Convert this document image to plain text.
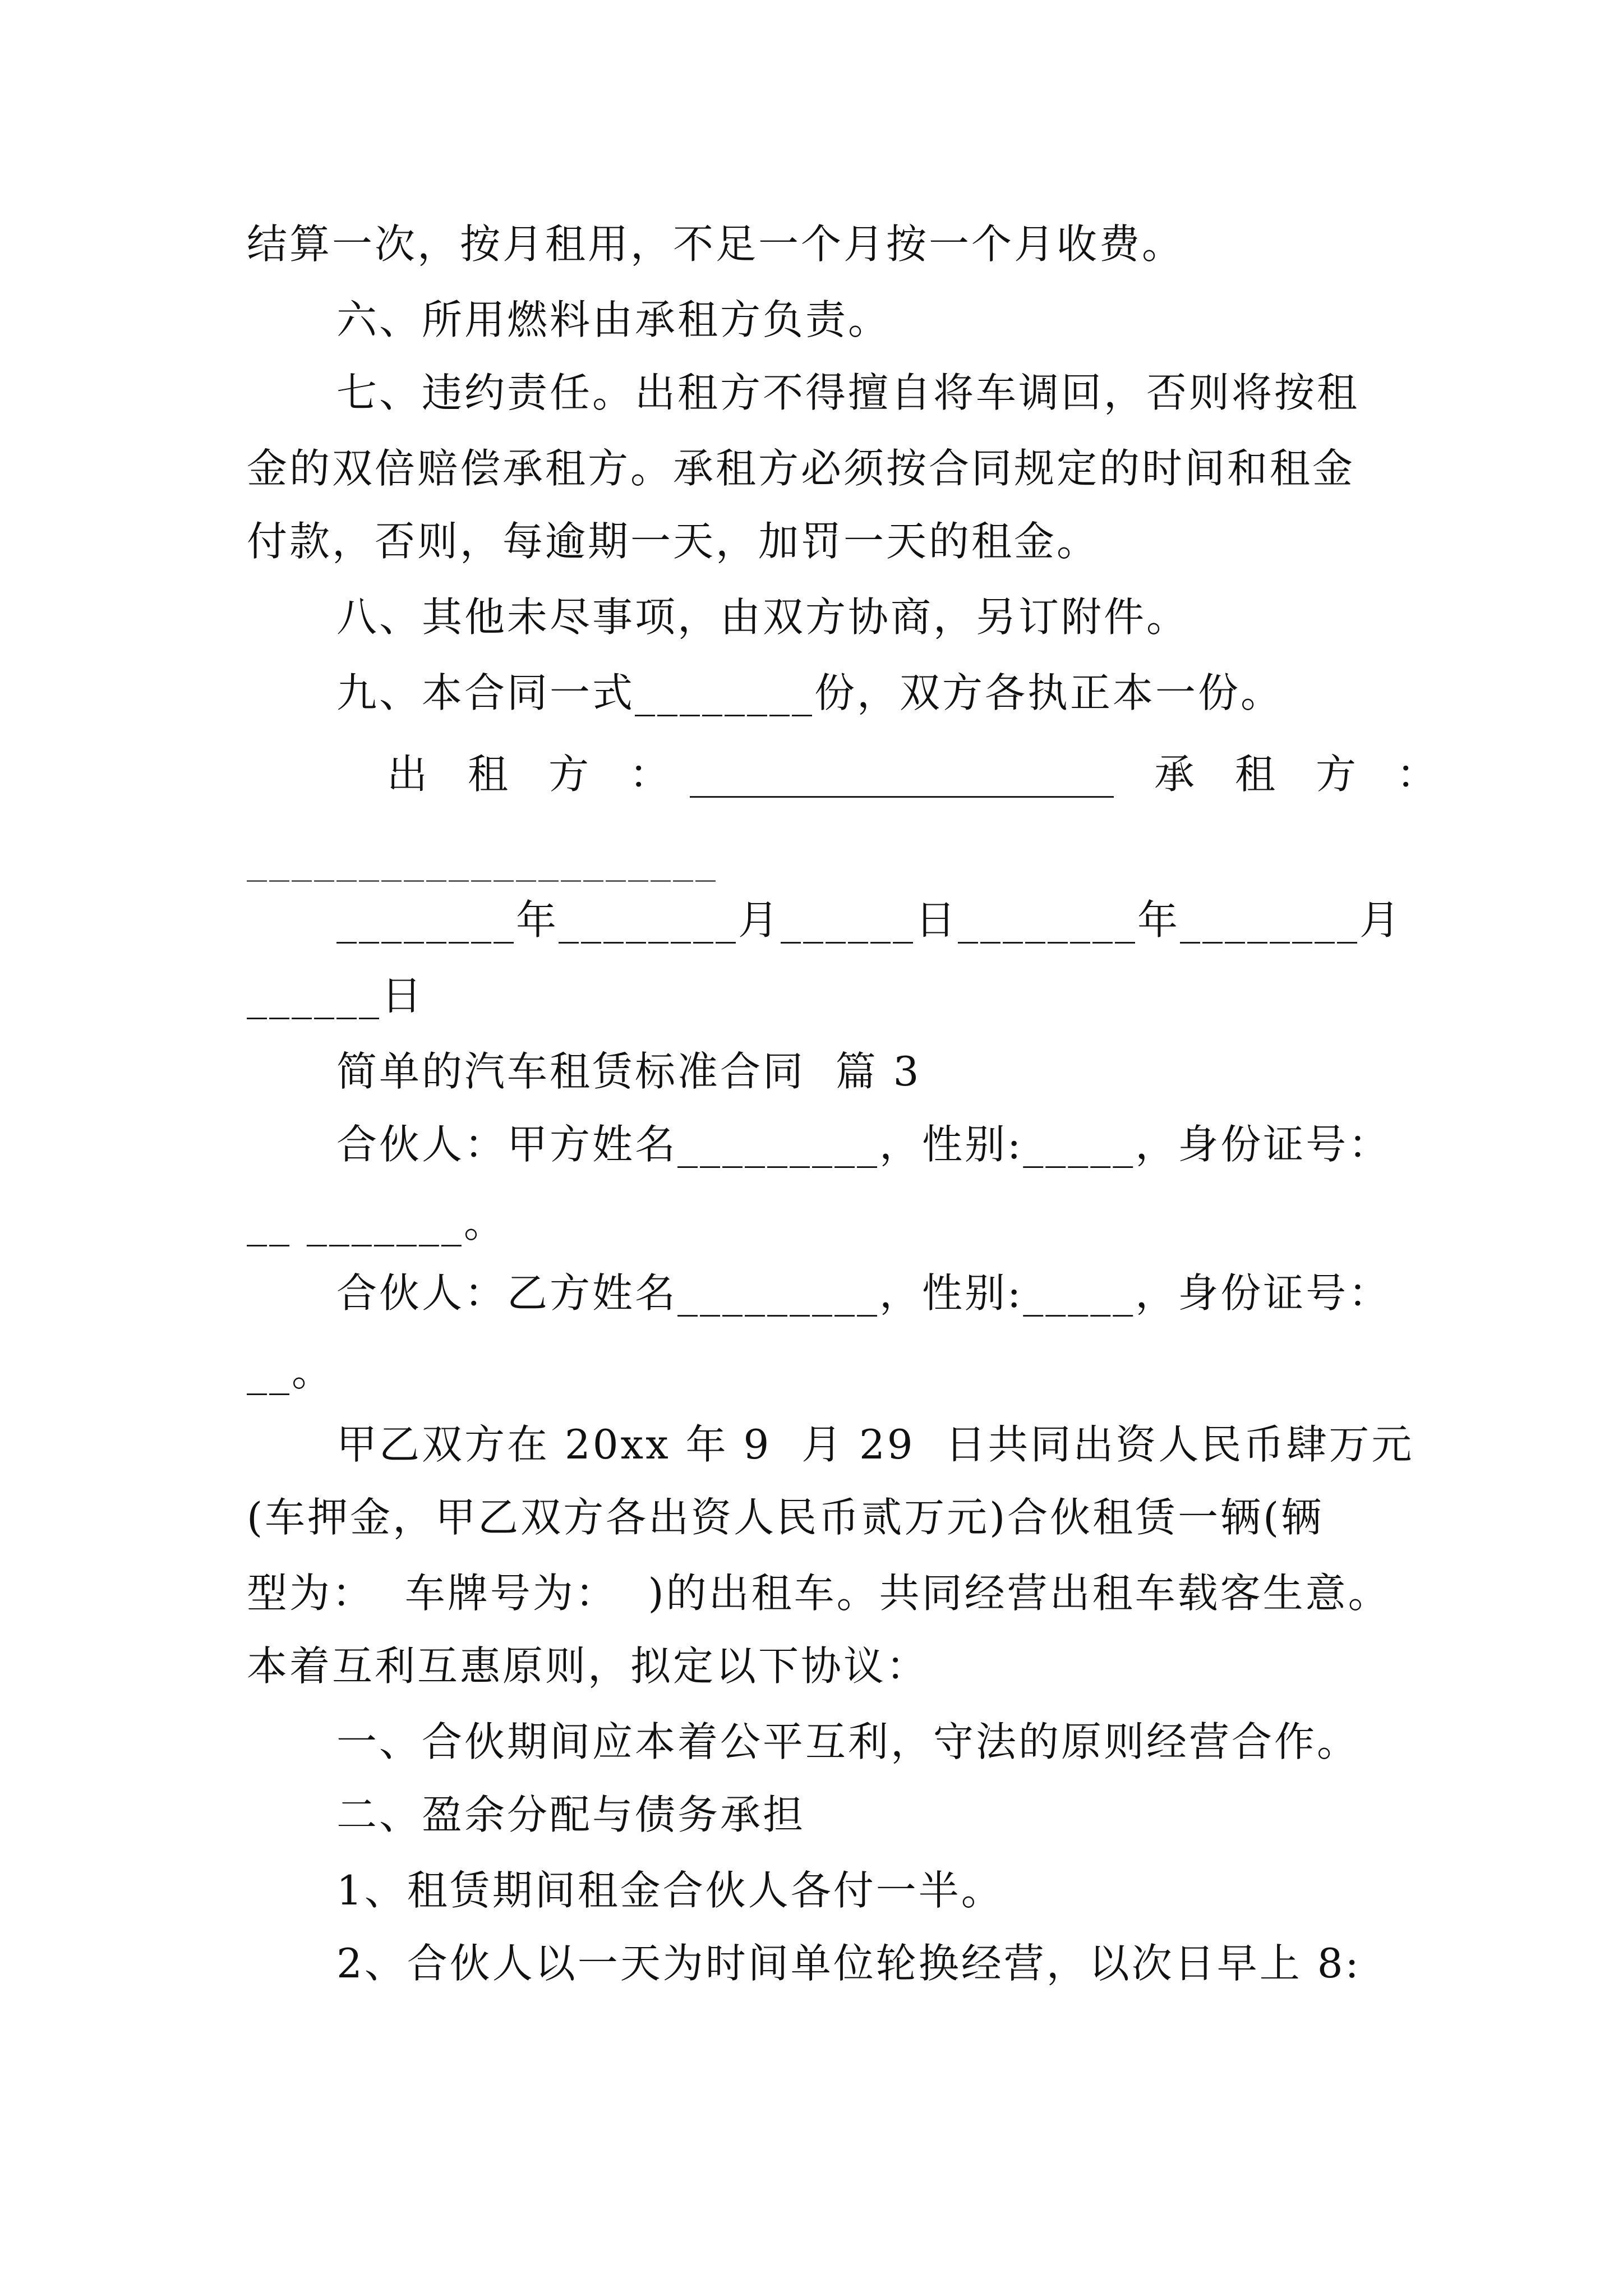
结算一次，按月租用，不足一个月按一个月收费。
六、所用燃料由承租方负责。
七、违约责任。出租方不得擅自将车调回，否则将按租
金的双倍赔偿承租方。承租方必须按合同规定的时间和租金
付款，否则，每逾期一天，加罚一天的租金。
八、其他未尽事项，由双方协商，另订附件。
九、本合同一式________份，双方各执正本一份。
出　租　方　：　_____________________　承　租　方　：
_____________________
________年________月______日________年________月
______日
简单的汽车租赁标准合同  篇 3
合伙人：甲方姓名_________，性别:_____，身份证号：
__ _______。
合伙人：乙方姓名_________，性别:_____，身份证号：
__。
甲乙双方在 20xx 年 9  月 29  日共同出资人民币肆万元
(车押金，甲乙双方各出资人民币贰万元)合伙租赁一辆(辆
型为：  车牌号为：  )的出租车。共同经营出租车载客生意。
本着互利互惠原则，拟定以下协议：
一、合伙期间应本着公平互利，守法的原则经营合作。
二、盈余分配与债务承担
1、租赁期间租金合伙人各付一半。
2、合伙人以一天为时间单位轮换经营，以次日早上 8:
